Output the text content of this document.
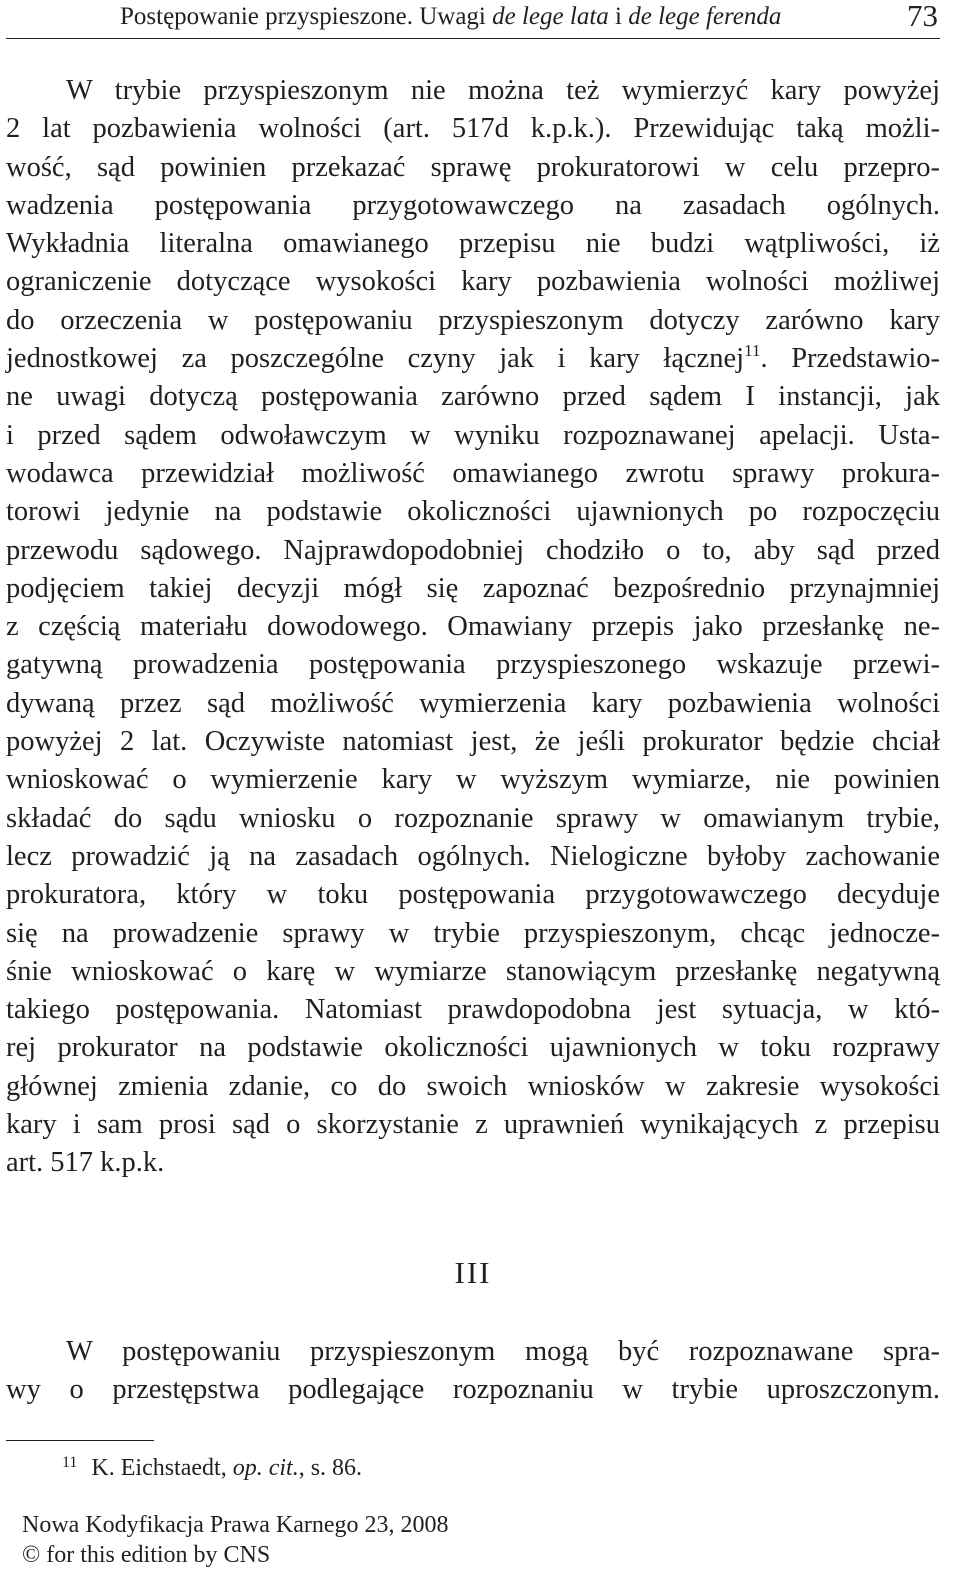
Postępowanie przyspieszone. Uwagi de lege lata i de lege ferenda	73
W trybie przyspieszonym nie można też wymierzyć kary powyżej
2 lat pozbawienia wolności (art. 517d k.p.k.). Przewidując taką możli-
wość, sąd powinien przekazać sprawę prokuratorowi w celu przepro-
wadzenia postępowania przygotowawczego na zasadach ogólnych.
Wykładnia literalna omawianego przepisu nie budzi wątpliwości, iż
ograniczenie dotyczące wysokości kary pozbawienia wolności możliwej
do orzeczenia w postępowaniu przyspieszonym dotyczy zarówno kary
jednostkowej za poszczególne czyny jak i kary łącznej$^{11}$. Przedstawio-
ne uwagi dotyczą postępowania zarówno przed sądem I instancji, jak
i przed sądem odwoławczym w wyniku rozpoznawanej apelacji. Usta-
wodawca przewidział możliwość omawianego zwrotu sprawy prokura-
torowi jedynie na podstawie okoliczności ujawnionych po rozpoczęciu
przewodu sądowego. Najprawdopodobniej chodziło o to, aby sąd przed
podjęciem takiej decyzji mógł się zapoznać bezpośrednio przynajmniej
z częścią materiału dowodowego. Omawiany przepis jako przesłankę ne-
gatywną prowadzenia postępowania przyspieszonego wskazuje przewi-
dywaną przez sąd możliwość wymierzenia kary pozbawienia wolności
powyżej 2 lat. Oczywiste natomiast jest, że jeśli prokurator będzie chciał
wnioskować o wymierzenie kary w wyższym wymiarze, nie powinien
składać do sądu wniosku o rozpoznanie sprawy w omawianym trybie,
lecz prowadzić ją na zasadach ogólnych. Nielogiczne byłoby zachowanie
prokuratora, który w toku postępowania przygotowawczego decyduje
się na prowadzenie sprawy w trybie przyspieszonym, chcąc jednocze-
śnie wnioskować o karę w wymiarze stanowiącym przesłankę negatywną
takiego postępowania. Natomiast prawdopodobna jest sytuacja, w któ-
rej prokurator na podstawie okoliczności ujawnionych w toku rozprawy
głównej zmienia zdanie, co do swoich wniosków w zakresie wysokości
kary i sam prosi sąd o skorzystanie z uprawnień wynikających z przepisu
art. 517 k.p.k.
III
W postępowaniu przyspieszonym mogą być rozpoznawane spra-
wy o przestępstwa podlegające rozpoznaniu w trybie uproszczonym.
$^{11}$ K. Eichstaedt, op. cit., s. 86.
Nowa Kodyfikacja Prawa Karnego 23, 2008
© for this edition by CNS
